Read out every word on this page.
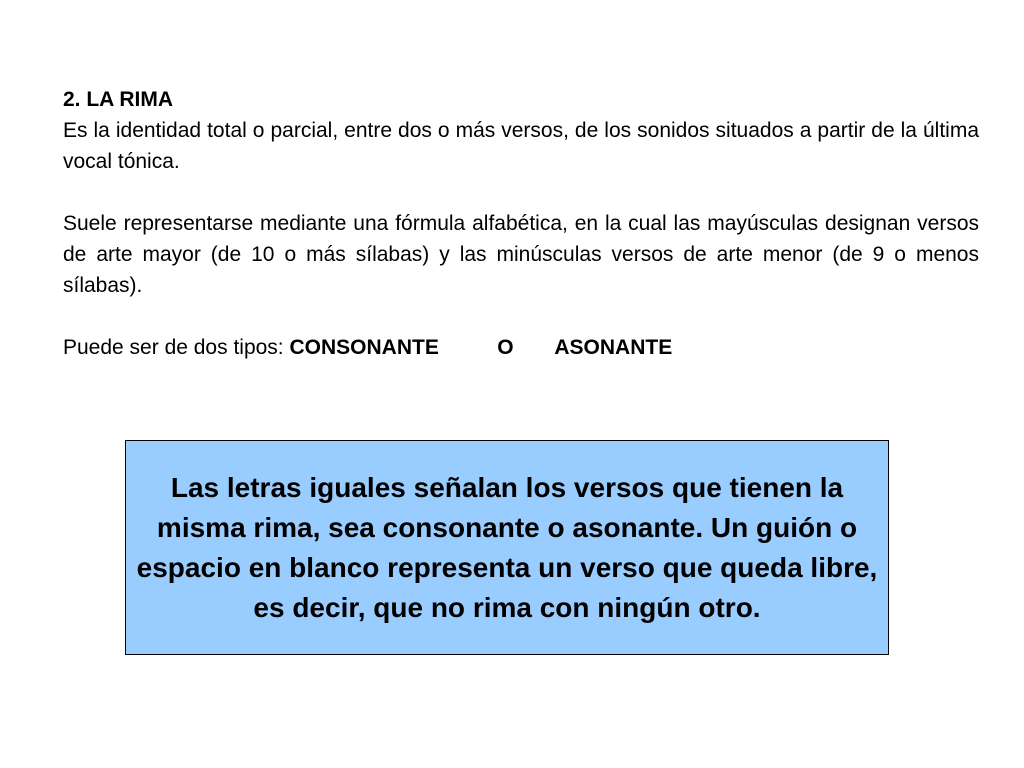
2. LA RIMA

Es la identidad total o parcial, entre dos o más versos, de los sonidos situados a partir de la última vocal tónica.

Suele representarse mediante una fórmula alfabética, en la cual las mayúsculas designan versos de arte mayor (de 10 o más sílabas) y las minúsculas versos de arte menor (de 9 o menos sílabas).

Puede ser de dos tipos: CONSONANTE	O ASONANTE

Las letras iguales señalan los versos que tienen la misma rima, sea consonante o asonante. Un guión o espacio en blanco representa un verso que queda libre, es decir, que no rima con ningún otro.
